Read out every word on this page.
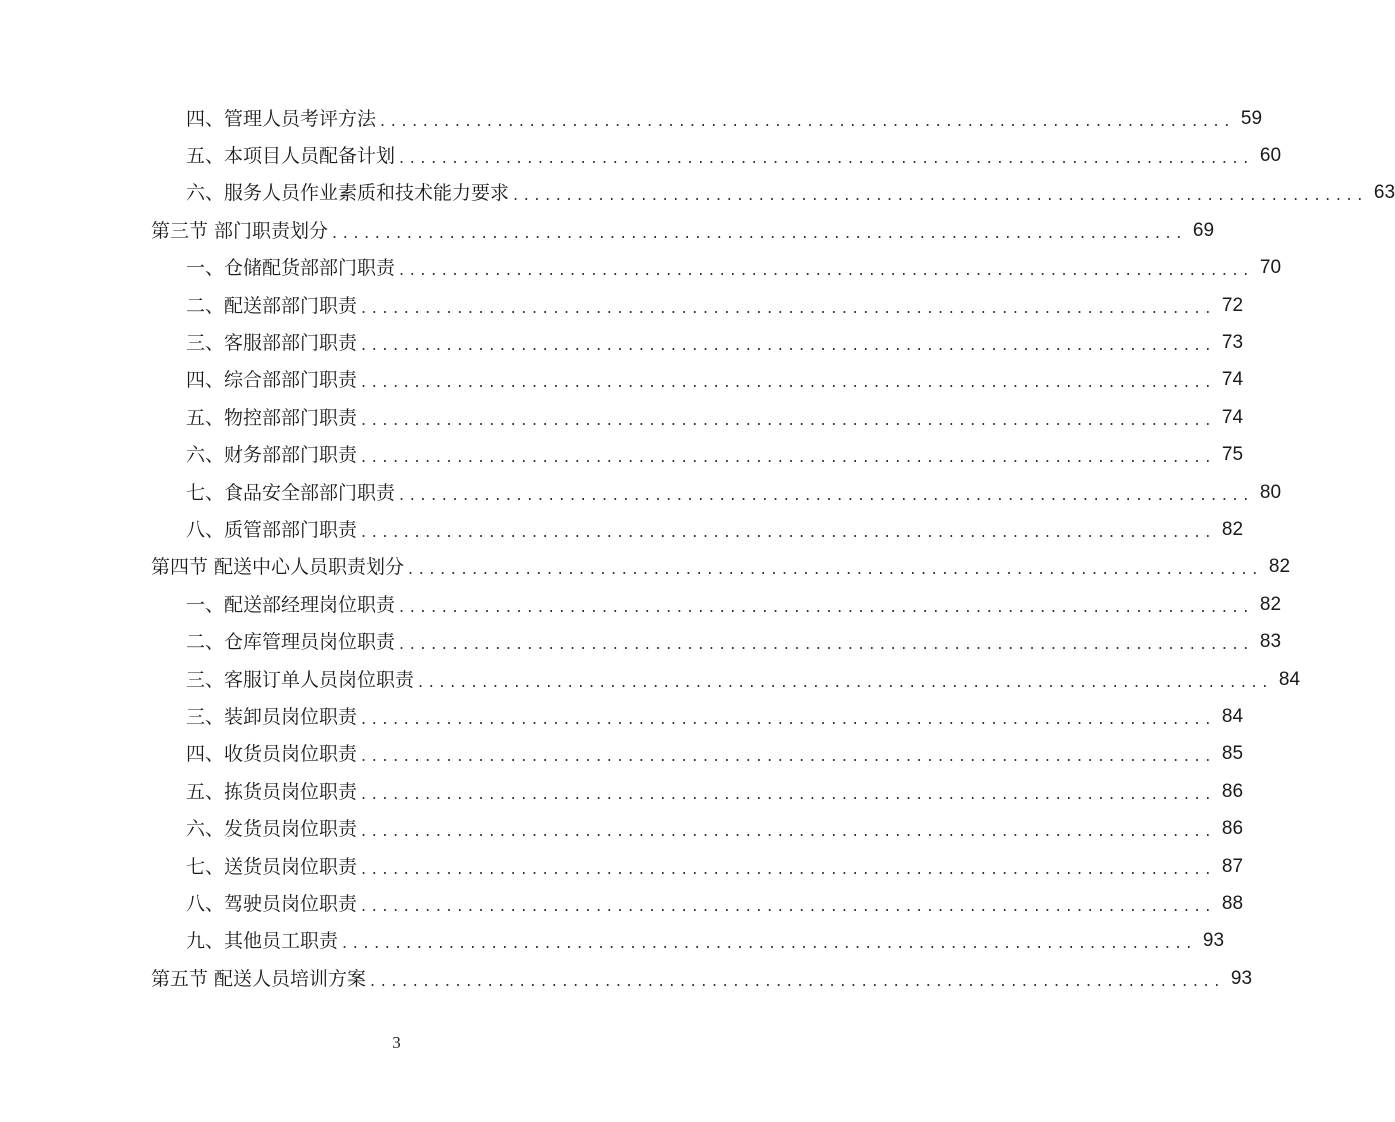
四、管理人员考评方法 ................................................................................ 59
五、本项目人员配备计划 ................................................................................ 60
六、服务人员作业素质和技术能力要求 ................................................................................ 63
第三节 部门职责划分 ................................................................................ 69
一、仓储配货部部门职责 ................................................................................ 70
二、配送部部门职责 ................................................................................ 72
三、客服部部门职责 ................................................................................ 73
四、综合部部门职责 ................................................................................ 74
五、物控部部门职责 ................................................................................ 74
六、财务部部门职责 ................................................................................ 75
七、食品安全部部门职责 ................................................................................ 80
八、质管部部门职责 ................................................................................ 82
第四节 配送中心人员职责划分 ................................................................................ 82
一、配送部经理岗位职责 ................................................................................ 82
二、仓库管理员岗位职责 ................................................................................ 83
三、客服订单人员岗位职责 ................................................................................ 84
三、装卸员岗位职责 ................................................................................ 84
四、收货员岗位职责 ................................................................................ 85
五、拣货员岗位职责 ................................................................................ 86
六、发货员岗位职责 ................................................................................ 86
七、送货员岗位职责 ................................................................................ 87
八、驾驶员岗位职责 ................................................................................ 88
九、其他员工职责 ................................................................................ 93
第五节 配送人员培训方案 ................................................................................ 93
3
